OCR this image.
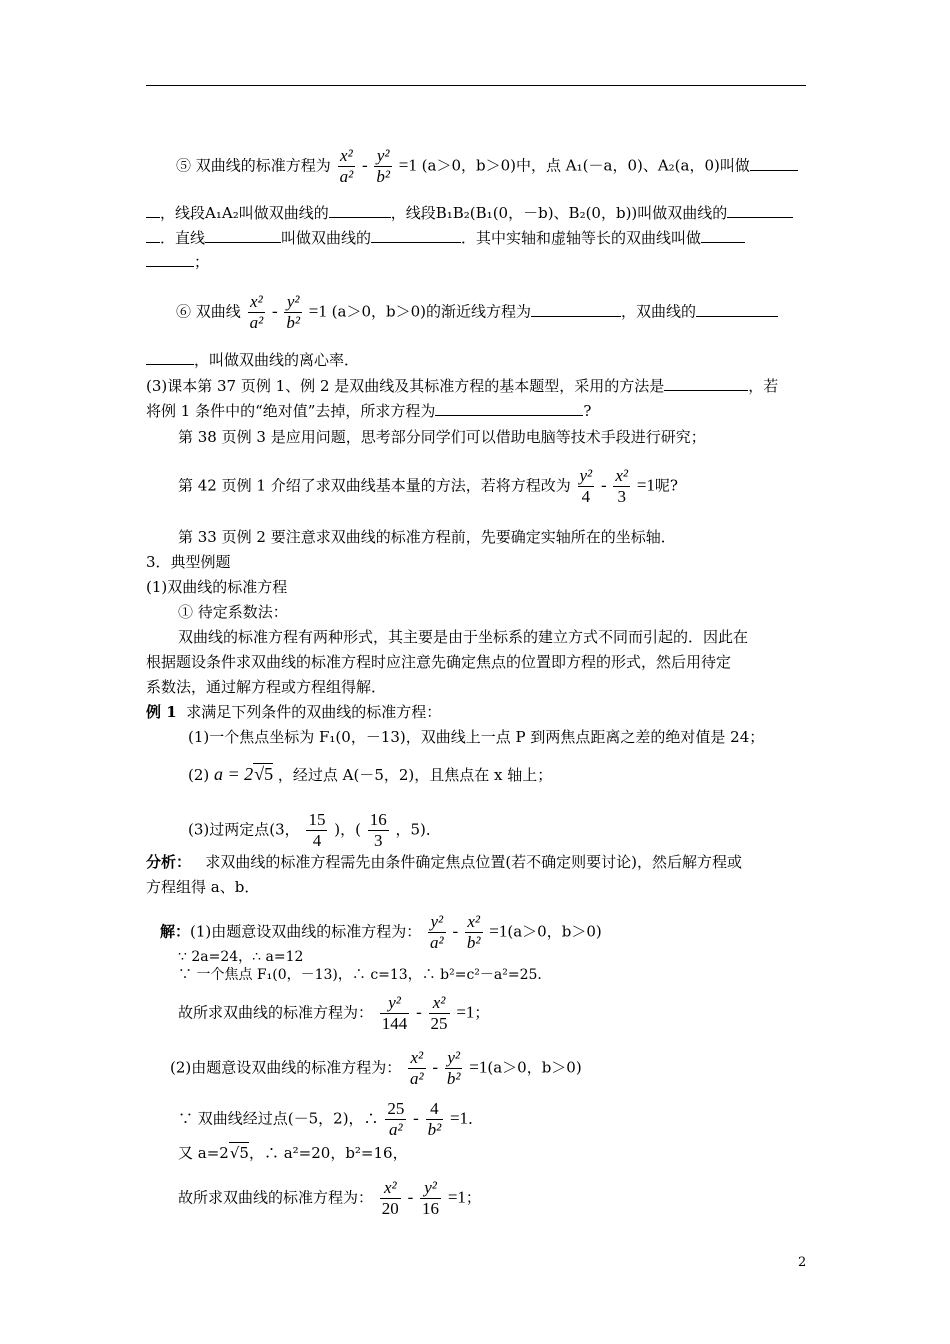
⑤ 双曲线的标准方程为 $\frac{\text{x²}}{\text{a²}} - \frac{\text{y²}}{\text{b²}} =1$ (a＞0，b＞0)中，点 A₁(－a，0)、A₂(a，0)叫做
，线段A₁A₂叫做双曲线的	，线段B₁B₂(B₁(0，－b)、B₂(0，b))叫做双曲线的
．直线	叫做双曲线的	．其中实轴和虚轴等长的双曲线叫做
；
⑥ 双曲线 $\frac{\text{x²}}{\text{a²}} - \frac{\text{y²}}{\text{b²}} =1$ (a＞0，b＞0)的渐近线方程为	，双曲线的
，叫做双曲线的离心率．
(3)课本第 37 页例 1、例 2 是双曲线及其标准方程的基本题型，采用的方法是	，若
将例 1 条件中的“绝对值”去掉，所求方程为	?
第 38 页例 3 是应用问题，思考部分同学们可以借助电脑等技术手段进行研究；
第 42 页例 1 介绍了求双曲线基本量的方法，若将方程改为 $\frac{\text{y²}}{4} - \frac{\text{x²}}{3} =1$呢?
第 33 页例 2 要注意求双曲线的标准方程前，先要确定实轴所在的坐标轴．
3．典型例题
(1)双曲线的标准方程
① 待定系数法：
双曲线的标准方程有两种形式，其主要是由于坐标系的建立方式不同而引起的．因此在
根据题设条件求双曲线的标准方程时应注意先确定焦点的位置即方程的形式，然后用待定
系数法，通过解方程或方程组得解．
例 1 求满足下列条件的双曲线的标准方程：
(1)一个焦点坐标为 F₁(0，－13)，双曲线上一点 P 到两焦点距离之差的绝对值是 24；
(2) a = 2√5 ，经过点 A(－5，2)，且焦点在 x 轴上；
(3)过两定点(3， $\frac{15}{4}$ )，( $\frac{16}{3}$ ，5)．
分析： 求双曲线的标准方程需先由条件确定焦点位置(若不确定则要讨论)，然后解方程或
方程组得 a、b．
解：(1)由题意设双曲线的标准方程为： $\frac{\text{y²}}{\text{a²}} - \frac{\text{x²}}{\text{b²}} =1(a>0$，b＞0)
∵ 2a=24，∴ a=12
∵ 一个焦点 F₁(0，－13)，∴ c=13，∴ b²=c²－a²=25．
故所求双曲线的标准方程为： $\frac{\text{y²}}{144} - \frac{\text{x²}}{25} =1$；
(2)由题意设双曲线的标准方程为： $\frac{\text{x²}}{\text{a²}} - \frac{\text{y²}}{\text{b²}} =1(a>0$，b＞0)
∵ 双曲线经过点(－5，2)，∴ $\frac{25}{\text{a²}} - \frac{4}{\text{b²}} =1$．
又 a=2√5，∴ a²=20，b²=16，
故所求双曲线的标准方程为： $\frac{\text{x²}}{20} - \frac{\text{y²}}{16} =1$；
2
